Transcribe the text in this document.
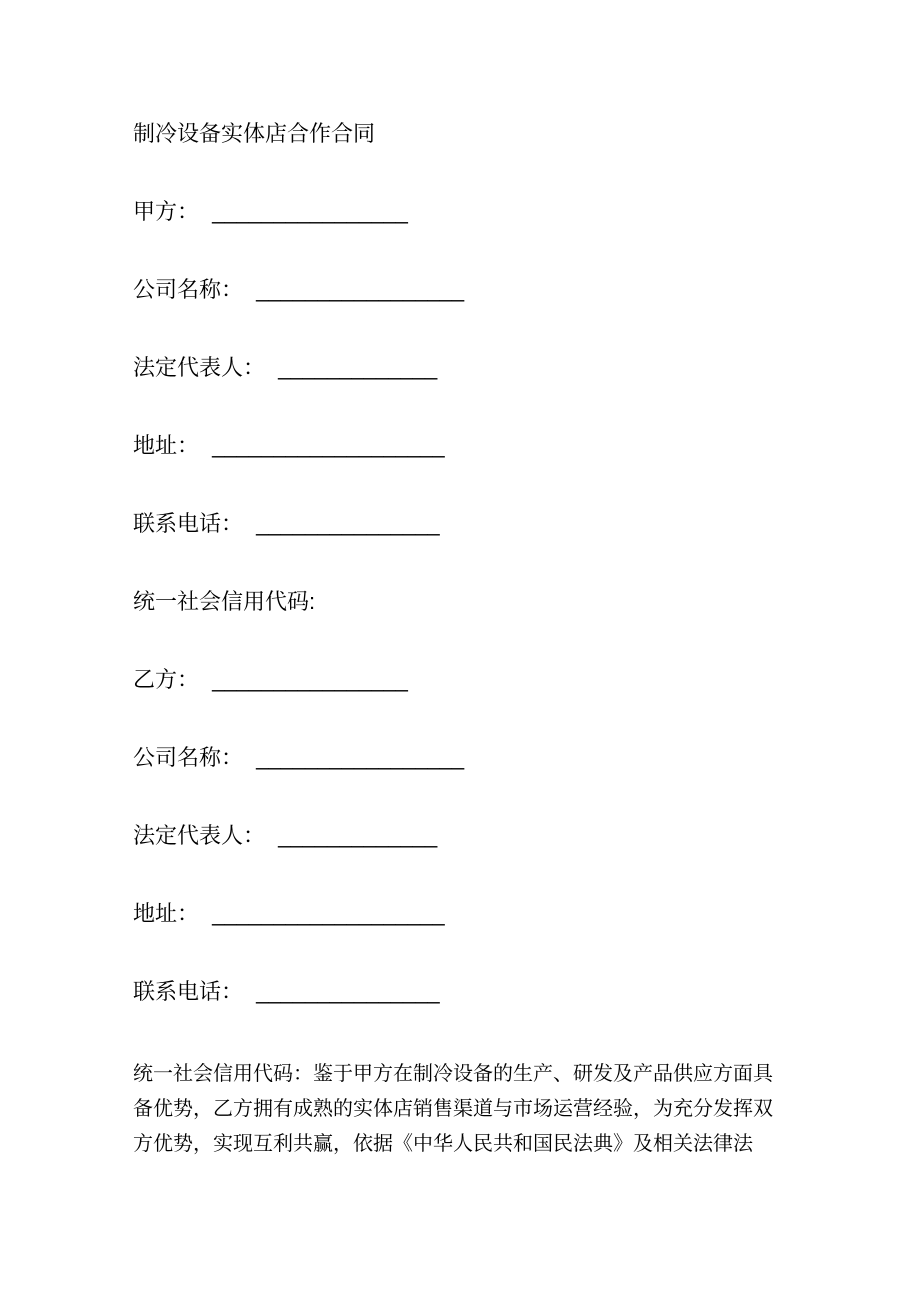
制冷设备实体店合作合同
甲方： ________________
公司名称： _________________
法定代表人： _____________
地址： ___________________
联系电话： _______________
统一社会信用代码:
乙方： ________________
公司名称： _________________
法定代表人： _____________
地址： ___________________
联系电话： _______________
统一社会信用代码：鉴于甲方在制冷设备的生产、研发及产品供应方面具
备优势，乙方拥有成熟的实体店销售渠道与市场运营经验，为充分发挥双
方优势，实现互利共赢，依据《中华人民共和国民法典》及相关法律法
